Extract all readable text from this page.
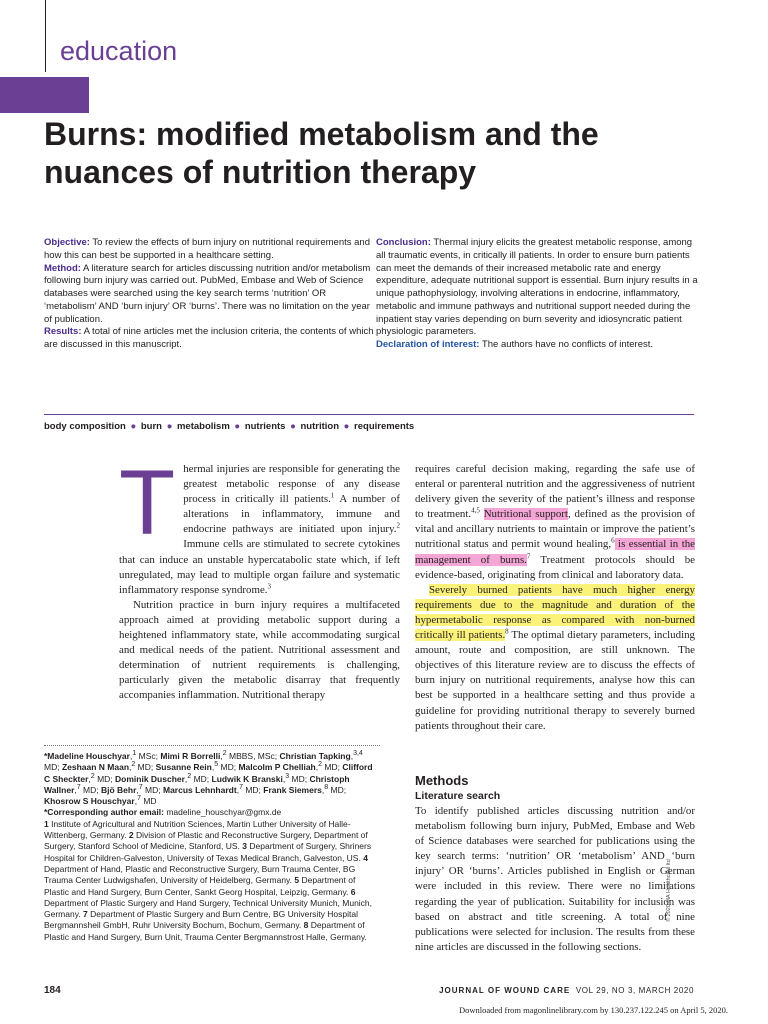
education
Burns: modified metabolism and the nuances of nutrition therapy

Objective: To review the effects of burn injury on nutritional requirements and how this can best be supported in a healthcare setting.

Method: A literature search for articles discussing nutrition and/or metabolism following burn injury was carried out. PubMed, Embase and Web of Science databases were searched using the key search terms ‘nutrition’ OR ‘metabolism’ AND ‘burn injury’ OR ‘burns’. There was no limitation on the year of publication.

Results: A total of nine articles met the inclusion criteria, the contents of which are discussed in this manuscript.

Conclusion: Thermal injury elicits the greatest metabolic response, among all traumatic events, in critically ill patients. In order to ensure burn patients can meet the demands of their increased metabolic rate and energy expenditure, adequate nutritional support is essential. Burn injury results in a unique pathophysiology, involving alterations in endocrine, inflammatory, metabolic and immune pathways and nutritional support needed during the inpatient stay varies depending on burn severity and idiosyncratic patient physiologic parameters.

Declaration of interest: The authors have no conflicts of interest.

body composition ● burn ● metabolism ● nutrients ● nutrition ● requirements

Thermal injuries are responsible for generating the greatest metabolic response of any disease process in critically ill patients.$^1$ A number of alterations in inflammatory, immune and endocrine pathways are initiated upon injury.$^2$ Immune cells are stimulated to secrete cytokines that can induce an unstable hypercatabolic state which, if left unregulated, may lead to multiple organ failure and systematic inflammatory response syndrome.$^3$

Nutrition practice in burn injury requires a multifaceted approach aimed at providing metabolic support during a heightened inflammatory state, while accommodating surgical and medical needs of the patient. Nutritional assessment and determination of nutrient requirements is challenging, particularly given the metabolic disarray that frequently accompanies inflammation. Nutritional therapy

*Madeline Houschyar,$^1$ MSc; Mimi R Borrelli,$^2$ MBBS, MSc; Christian Tapking,$^{3,4}$ MD; Zeshaan N Maan,$^2$ MD; Susanne Rein,$^5$ MD; Malcolm P Chelliah,$^2$ MD; Clifford C Sheckter,$^2$ MD; Dominik Duscher,$^2$ MD; Ludwik K Branski,$^3$ MD; Christoph Wallner,$^7$ MD; Bjö Behr,$^7$ MD; Marcus Lehnhardt,$^7$ MD; Frank Siemers,$^8$ MD; Khosrow S Houschyar,$^7$ MD

*Corresponding author email: madeline_houschyar@gmx.de

1 Institute of Agricultural and Nutrition Sciences, Martin Luther University of Halle-Wittenberg, Germany. 2 Division of Plastic and Reconstructive Surgery, Department of Surgery, Stanford School of Medicine, Stanford, US. 3 Department of Surgery, Shriners Hospital for Children-Galveston, University of Texas Medical Branch, Galveston, US. 4 Department of Hand, Plastic and Reconstructive Surgery, Burn Trauma Center, BG Trauma Center Ludwigshafen, University of Heidelberg, Germany. 5 Department of Plastic and Hand Surgery, Burn Center, Sankt Georg Hospital, Leipzig, Germany. 6 Department of Plastic Surgery and Hand Surgery, Technical University Munich, Munich, Germany. 7 Department of Plastic Surgery and Burn Centre, BG University Hospital Bergmannsheil GmbH, Ruhr University Bochum, Bochum, Germany. 8 Department of Plastic and Hand Surgery, Burn Unit, Trauma Center Bergmannstrost Halle, Germany.

requires careful decision making, regarding the safe use of enteral or parenteral nutrition and the aggressiveness of nutrient delivery given the severity of the patient’s illness and response to treatment.$^{4,5}$ Nutritional support, defined as the provision of vital and ancillary nutrients to maintain or improve the patient’s nutritional status and permit wound healing,$^6$ is essential in the management of burns.$^7$ Treatment protocols should be evidence-based, originating from clinical and laboratory data.

Severely burned patients have much higher energy requirements due to the magnitude and duration of the hypermetabolic response as compared with non-burned critically ill patients.$^8$ The optimal dietary parameters, including amount, route and composition, are still unknown. The objectives of this literature review are to discuss the effects of burn injury on nutritional requirements, analyse how this can best be supported in a healthcare setting and thus provide a guideline for providing nutritional therapy to severely burned patients throughout their care.

Methods
Literature search

To identify published articles discussing nutrition and/or metabolism following burn injury, PubMed, Embase and Web of Science databases were searched for publications using the key search terms: ‘nutrition’ OR ‘metabolism’ AND ‘burn injury’ OR ‘burns’. Articles published in English or German were included in this review. There were no limitations regarding the year of publication. Suitability for inclusion was based on abstract and title screening. A total of nine publications were selected for inclusion. The results from these nine articles are discussed in the following sections.

© 2020 MA Healthcare ltd
184	JOURNAL OF WOUND CARE VOL 29, NO 3, MARCH 2020
Downloaded from magonlinelibrary.com by 130.237.122.245 on April 5, 2020.
